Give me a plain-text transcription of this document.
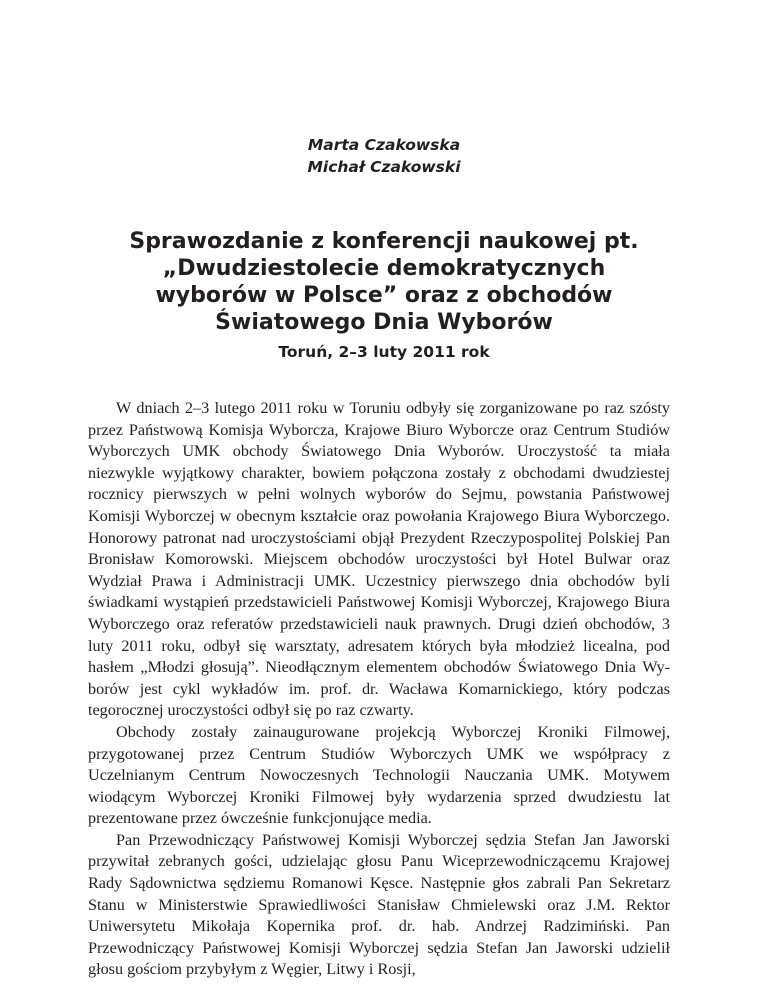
Marta Czakowska
Michał Czakowski
Sprawozdanie z konferencji naukowej pt. „Dwudziestolecie demokratycznych wyborów w Polsce” oraz z obchodów Światowego Dnia Wyborów
Toruń, 2–3 luty 2011 rok

W dniach 2–3 lutego 2011 roku w Toruniu odbyły się zorganizowane po raz szósty przez Państwową Komisja Wyborcza, Krajowe Biuro Wyborcze oraz Centrum Studiów Wyborczych UMK obchody Światowego Dnia Wyborów. Uroczystość ta miała niezwykle wyjątkowy charakter, bowiem połączona zostały z obchodami dwudziestej rocznicy pierwszych w pełni wolnych wyborów do Sejmu, powstania Państwowej Komisji Wyborczej w obecnym kształcie oraz powołania Krajowego Biura Wyborczego. Honorowy patronat nad uroczystościami objął Prezydent Rzeczypospolitej Polskiej Pan Bronisław Komorowski. Miejscem obchodów uroczystości był Hotel Bulwar oraz Wydział Prawa i Administracji UMK. Uczestnicy pierwszego dnia obchodów byli świadkami wystąpień przedstawicieli Państwowej Komisji Wyborczej, Krajowego Biura Wyborczego oraz referatów przedstawicieli nauk prawnych. Drugi dzień obchodów, 3 luty 2011 roku, odbył się warsztaty, adresatem których była młodzież licealna, pod hasłem „Młodzi głosują”. Nieodłącznym elementem obchodów Światowego Dnia Wyborów jest cykl wykładów im. prof. dr. Wacława Komarnickiego, który podczas tegorocznej uroczystości odbył się po raz czwarty.

Obchody zostały zainaugurowane projekcją Wyborczej Kroniki Filmowej, przygotowanej przez Centrum Studiów Wyborczych UMK we współpracy z Uczelnianym Centrum Nowoczesnych Technologii Nauczania UMK. Motywem wiodącym Wyborczej Kroniki Filmowej były wydarzenia sprzed dwudziestu lat prezentowane przez ówcześnie funkcjonujące media.

Pan Przewodniczący Państwowej Komisji Wyborczej sędzia Stefan Jan Jaworski przywitał zebranych gości, udzielając głosu Panu Wiceprzewodniczącemu Krajowej Rady Sądownictwa sędziemu Romanowi Kęsce. Następnie głos zabrali Pan Sekretarz Stanu w Ministerstwie Sprawiedliwości Stanisław Chmielewski oraz J.M. Rektor Uniwersytetu Mikołaja Kopernika prof. dr. hab. Andrzej Radzimiński. Pan Przewodniczący Państwowej Komisji Wyborczej sędzia Stefan Jan Jaworski udzielił głosu gościom przybyłym z Węgier, Litwy i Rosji,
